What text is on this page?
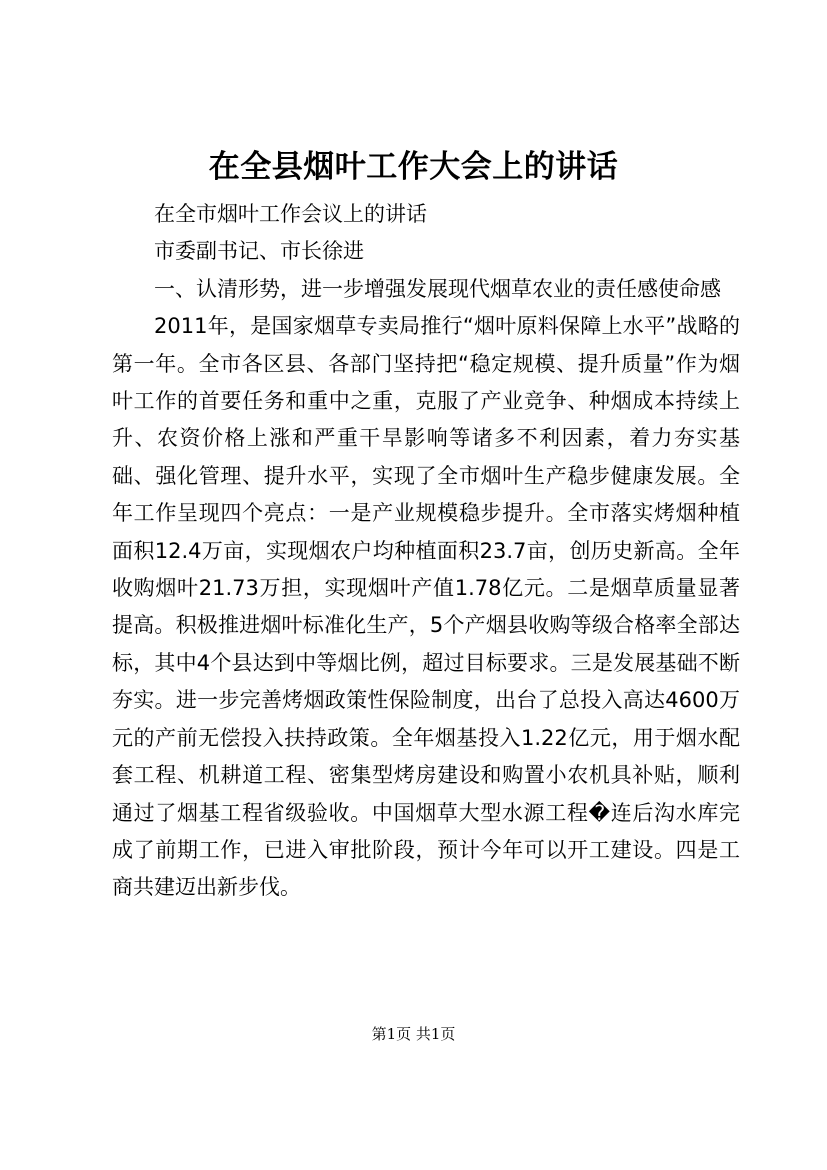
在全县烟叶工作大会上的讲话

在全市烟叶工作会议上的讲话

市委副书记、市长徐进

一、认清形势，进一步增强发展现代烟草农业的责任感使命感

2011年，是国家烟草专卖局推行“烟叶原料保障上水平”战略的第一年。全市各区县、各部门坚持把“稳定规模、提升质量”作为烟叶工作的首要任务和重中之重，克服了产业竞争、种烟成本持续上升、农资价格上涨和严重干旱影响等诸多不利因素，着力夯实基础、强化管理、提升水平，实现了全市烟叶生产稳步健康发展。全年工作呈现四个亮点：一是产业规模稳步提升。全市落实烤烟种植面积12.4万亩，实现烟农户均种植面积23.7亩，创历史新高。全年收购烟叶21.73万担，实现烟叶产值1.78亿元。二是烟草质量显著提高。积极推进烟叶标准化生产，5个产烟县收购等级合格率全部达标，其中4个县达到中等烟比例，超过目标要求。三是发展基础不断夯实。进一步完善烤烟政策性保险制度，出台了总投入高达4600万元的产前无偿投入扶持政策。全年烟基投入1.22亿元，用于烟水配套工程、机耕道工程、密集型烤房建设和购置小农机具补贴，顺利通过了烟基工程省级验收。中国烟草大型水源工程�连后沟水库完成了前期工作，已进入审批阶段，预计今年可以开工建设。四是工商共建迈出新步伐。

第1页 共1页
